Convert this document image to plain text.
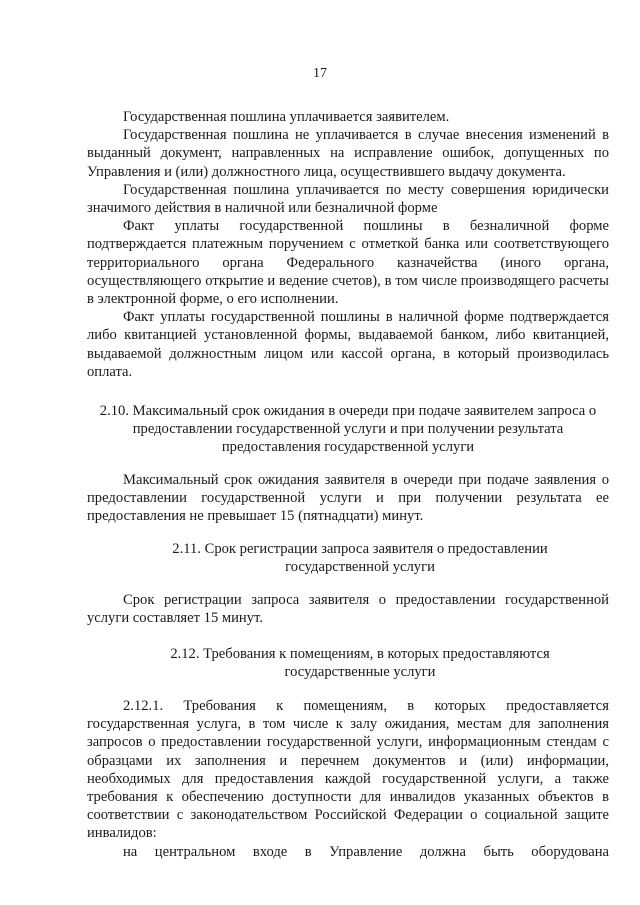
17

Государственная пошлина уплачивается заявителем.

Государственная пошлина не уплачивается в случае внесения изменений в выданный документ, направленных на исправление ошибок, допущенных по Управления и (или) должностного лица, осуществившего выдачу документа.

Государственная пошлина уплачивается по месту совершения юридически значимого действия в наличной или безналичной форме

Факт уплаты государственной пошлины в безналичной форме подтверждается платежным поручением с отметкой банка или соответствующего территориального органа Федерального казначейства (иного органа, осуществляющего открытие и ведение счетов), в том числе производящего расчеты в электронной форме, о его исполнении.

Факт уплаты государственной пошлины в наличной форме подтверждается либо квитанцией установленной формы, выдаваемой банком, либо квитанцией, выдаваемой должностным лицом или кассой органа, в который производилась оплата.

2.10. Максимальный срок ожидания в очереди при подаче заявителем запроса о предоставлении государственной услуги и при получении результата предоставления государственной услуги

Максимальный срок ожидания заявителя в очереди при подаче заявления о предоставлении государственной услуги и при получении результата ее предоставления не превышает 15 (пятнадцати) минут.

2.11. Срок регистрации запроса заявителя о предоставлении государственной услуги

Срок регистрации запроса заявителя о предоставлении государственной услуги составляет 15 минут.

2.12. Требования к помещениям, в которых предоставляются государственные услуги

2.12.1. Требования к помещениям, в которых предоставляется государственная услуга, в том числе к залу ожидания, местам для заполнения запросов о предоставлении государственной услуги, информационным стендам с образцами их заполнения и перечнем документов и (или) информации, необходимых для предоставления каждой государственной услуги, а также требования к обеспечению доступности для инвалидов указанных объектов в соответствии с законодательством Российской Федерации о социальной защите инвалидов:

на центральном входе в Управление должна быть оборудована
